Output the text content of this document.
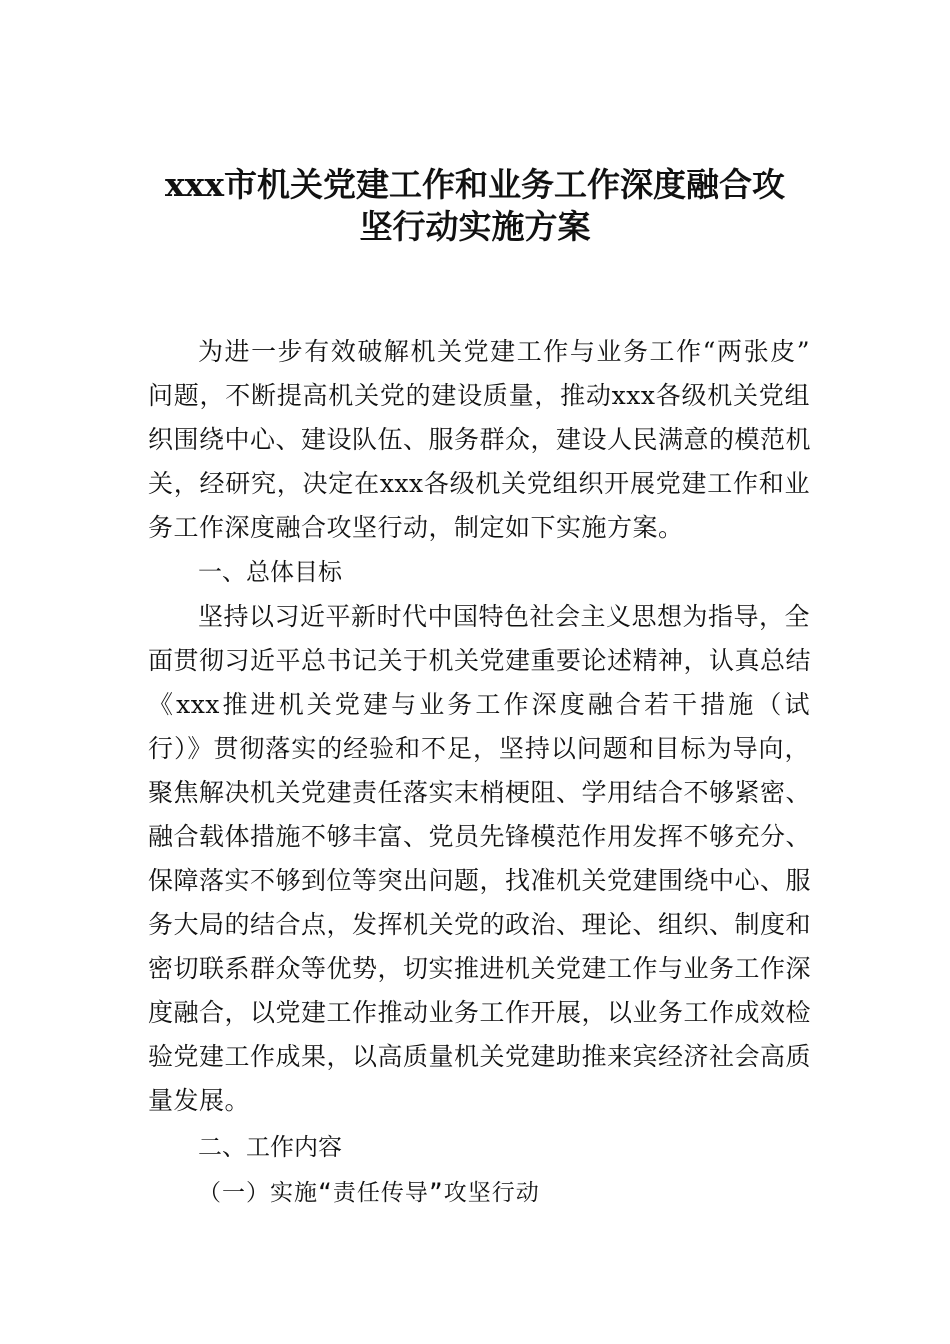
xxx市机关党建工作和业务工作深度融合攻
坚行动实施方案
为进一步有效破解机关党建工作与业务工作“两张皮”
问题，不断提高机关党的建设质量，推动xxx各级机关党组
织围绕中心、建设队伍、服务群众，建设人民满意的模范机
关，经研究，决定在xxx各级机关党组织开展党建工作和业
务工作深度融合攻坚行动，制定如下实施方案。
一、总体目标
坚持以习近平新时代中国特色社会主义思想为指导，全
面贯彻习近平总书记关于机关党建重要论述精神，认真总结
《xxx推进机关党建与业务工作深度融合若干措施（试
行）》贯彻落实的经验和不足，坚持以问题和目标为导向，
聚焦解决机关党建责任落实末梢梗阻、学用结合不够紧密、
融合载体措施不够丰富、党员先锋模范作用发挥不够充分、
保障落实不够到位等突出问题，找准机关党建围绕中心、服
务大局的结合点，发挥机关党的政治、理论、组织、制度和
密切联系群众等优势，切实推进机关党建工作与业务工作深
度融合，以党建工作推动业务工作开展，以业务工作成效检
验党建工作成果，以高质量机关党建助推来宾经济社会高质
量发展。
二、工作内容
（一）实施“责任传导”攻坚行动
